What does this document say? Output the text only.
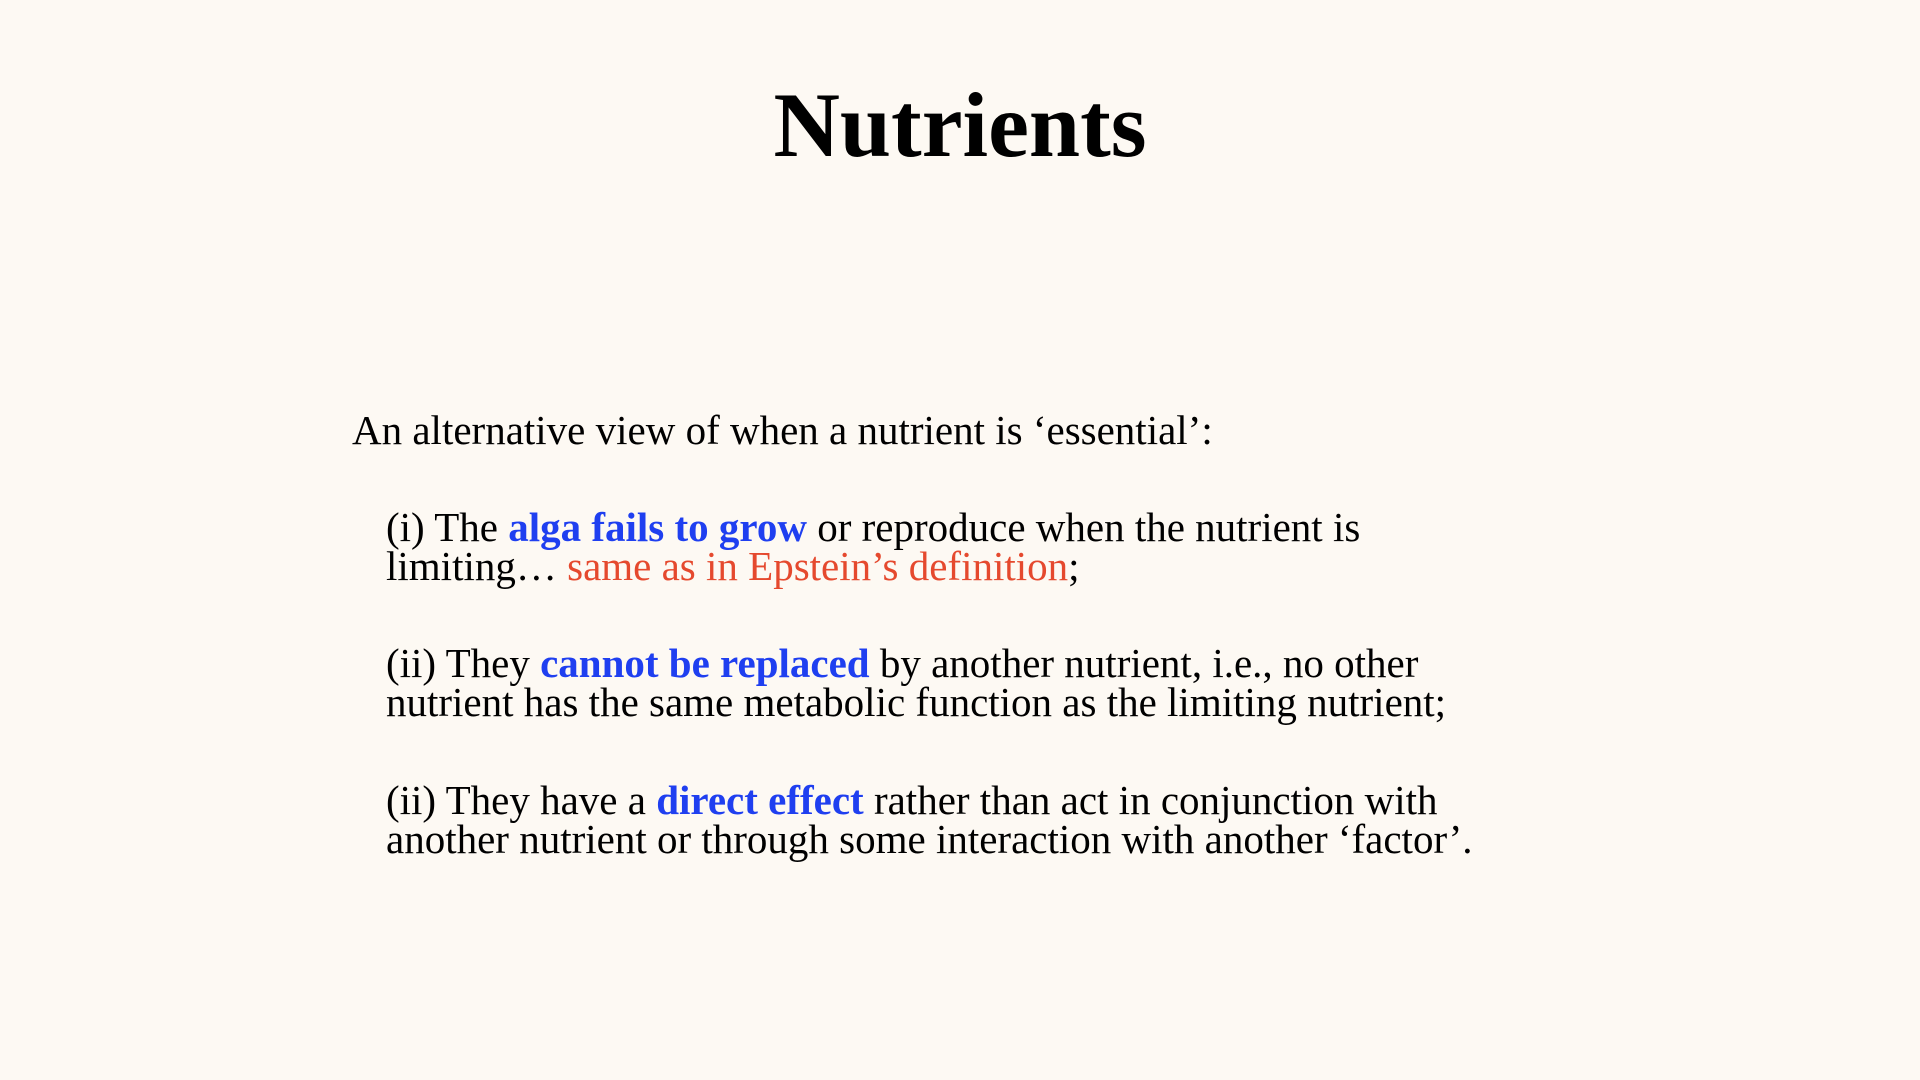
Nutrients
An alternative view of when a nutrient is ‘essential’:
(i) The alga fails to grow or reproduce when the nutrient is
limiting… same as in Epstein’s definition;
(ii) They cannot be replaced by another nutrient, i.e., no other
nutrient has the same metabolic function as the limiting nutrient;
(ii) They have a direct effect rather than act in conjunction with
another nutrient or through some interaction with another ‘factor’.
